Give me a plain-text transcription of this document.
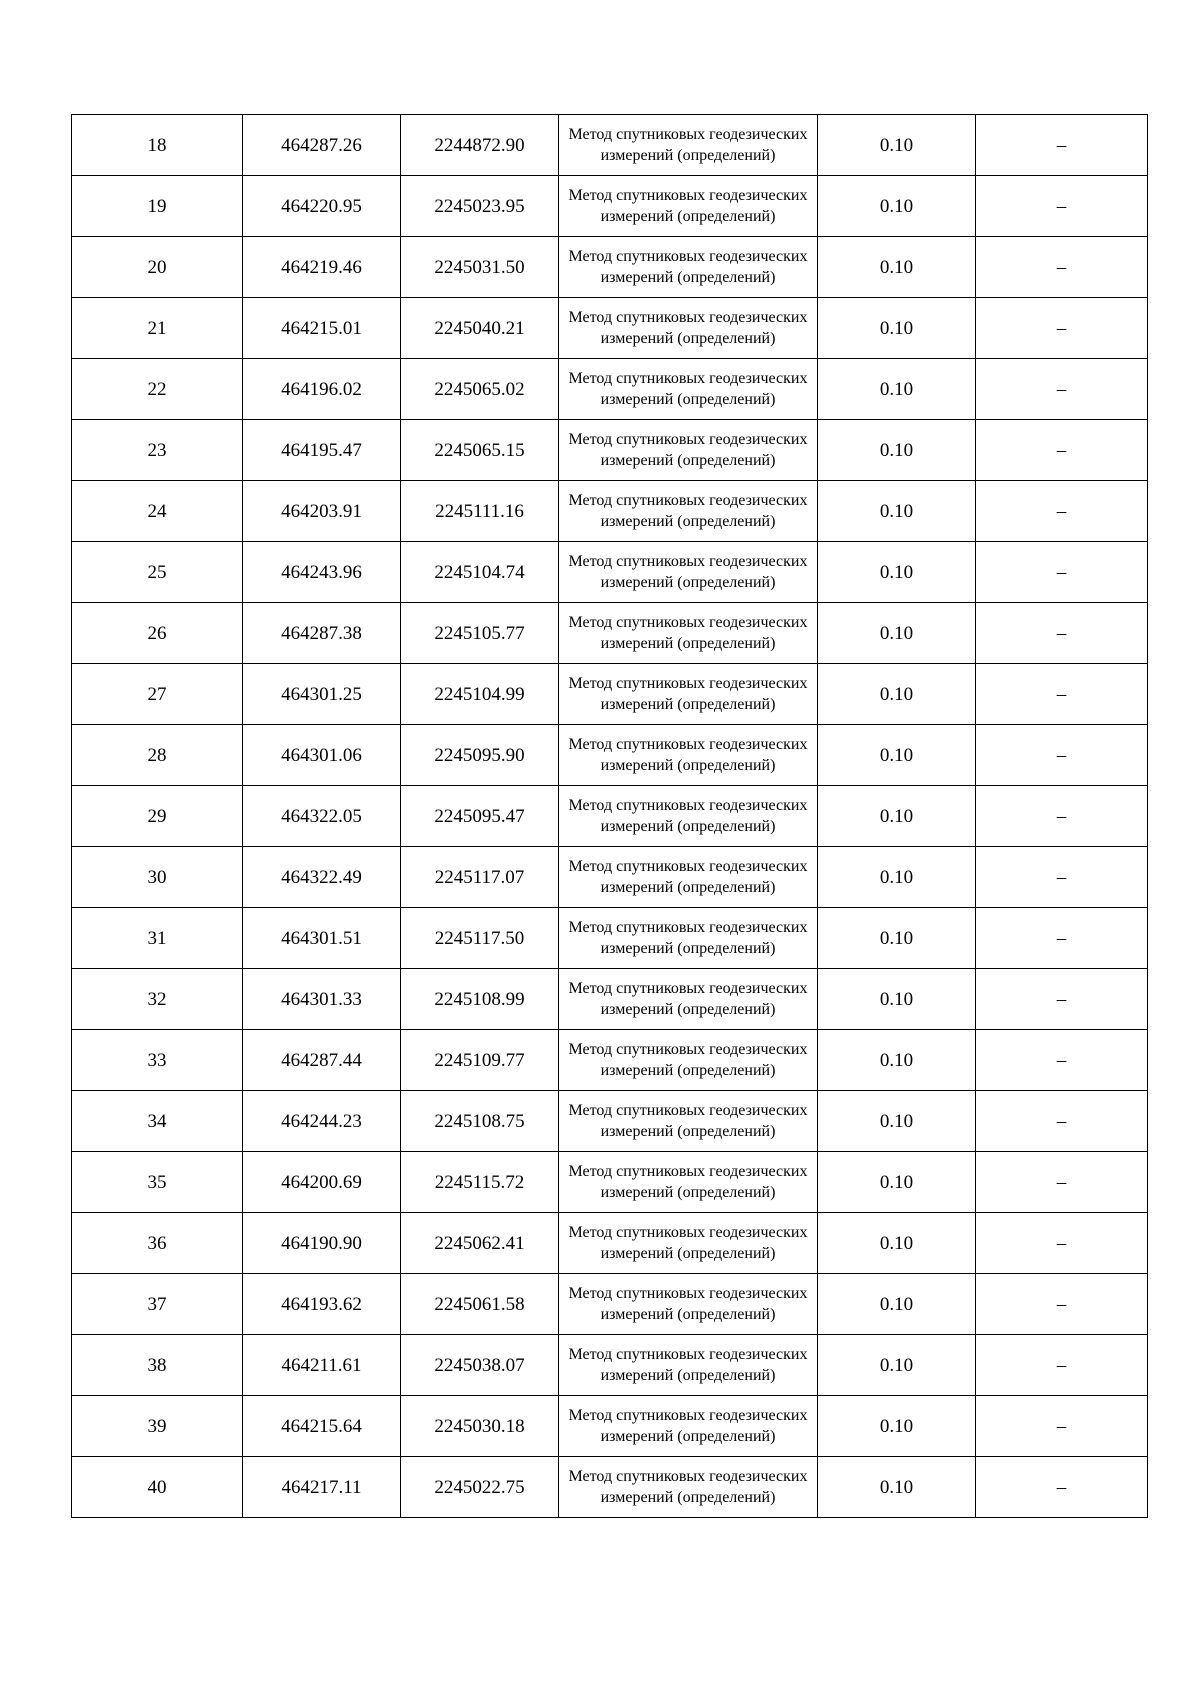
18	464287.26	2244872.90	Метод спутниковых геодезических измерений (определений)	0.10	–
19	464220.95	2245023.95	Метод спутниковых геодезических измерений (определений)	0.10	–
20	464219.46	2245031.50	Метод спутниковых геодезических измерений (определений)	0.10	–
21	464215.01	2245040.21	Метод спутниковых геодезических измерений (определений)	0.10	–
22	464196.02	2245065.02	Метод спутниковых геодезических измерений (определений)	0.10	–
23	464195.47	2245065.15	Метод спутниковых геодезических измерений (определений)	0.10	–
24	464203.91	2245111.16	Метод спутниковых геодезических измерений (определений)	0.10	–
25	464243.96	2245104.74	Метод спутниковых геодезических измерений (определений)	0.10	–
26	464287.38	2245105.77	Метод спутниковых геодезических измерений (определений)	0.10	–
27	464301.25	2245104.99	Метод спутниковых геодезических измерений (определений)	0.10	–
28	464301.06	2245095.90	Метод спутниковых геодезических измерений (определений)	0.10	–
29	464322.05	2245095.47	Метод спутниковых геодезических измерений (определений)	0.10	–
30	464322.49	2245117.07	Метод спутниковых геодезических измерений (определений)	0.10	–
31	464301.51	2245117.50	Метод спутниковых геодезических измерений (определений)	0.10	–
32	464301.33	2245108.99	Метод спутниковых геодезических измерений (определений)	0.10	–
33	464287.44	2245109.77	Метод спутниковых геодезических измерений (определений)	0.10	–
34	464244.23	2245108.75	Метод спутниковых геодезических измерений (определений)	0.10	–
35	464200.69	2245115.72	Метод спутниковых геодезических измерений (определений)	0.10	–
36	464190.90	2245062.41	Метод спутниковых геодезических измерений (определений)	0.10	–
37	464193.62	2245061.58	Метод спутниковых геодезических измерений (определений)	0.10	–
38	464211.61	2245038.07	Метод спутниковых геодезических измерений (определений)	0.10	–
39	464215.64	2245030.18	Метод спутниковых геодезических измерений (определений)	0.10	–
40	464217.11	2245022.75	Метод спутниковых геодезических измерений (определений)	0.10	–
